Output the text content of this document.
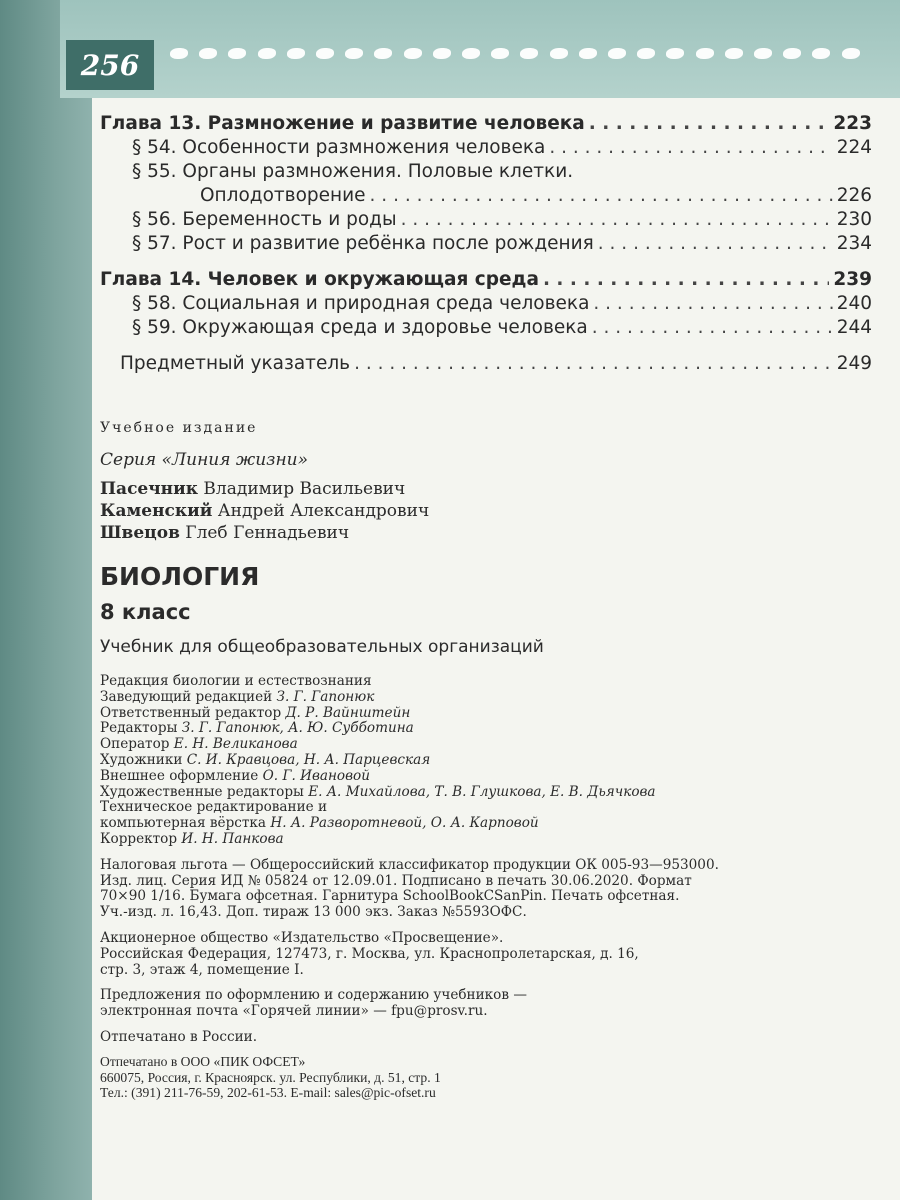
256
Глава 13. Размножение и развитие человека . . .	223
§ 54. Особенности размножения человека . . .	224
§ 55. Органы размножения. Половые клетки.
Оплодотворение . . .	226
§ 56. Беременность и роды . . .	230
§ 57. Рост и развитие ребёнка после рождения . . .	234
Глава 14. Человек и окружающая среда . . .	239
§ 58. Социальная и природная среда человека . . .	240
§ 59. Окружающая среда и здоровье человека . . .	244
Предметный указатель . . .	249

Учебное издание

Серия «Линия жизни»

Пасечник Владимир Васильевич
Каменский Андрей Александрович
Швецов Глеб Геннадьевич
БИОЛОГИЯ
8 класс
Учебник для общеобразовательных организаций

Редакция биологии и естествознания

Заведующий редакцией З. Г. Гапонюк

Ответственный редактор Д. Р. Вайнштейн

Редакторы З. Г. Гапонюк, А. Ю. Субботина

Оператор Е. Н. Великанова

Художники С. И. Кравцова, Н. А. Парцевская

Внешнее оформление О. Г. Ивановой

Художественные редакторы Е. А. Михайлова, Т. В. Глушкова, Е. В. Дьячкова

Техническое редактирование и

компьютерная вёрстка Н. А. Разворотневой, О. А. Карповой

Корректор И. Н. Панкова

Налоговая льгота — Общероссийский классификатор продукции ОК 005-93—953000.

Изд. лиц. Серия ИД № 05824 от 12.09.01. Подписано в печать 30.06.2020. Формат

70×90 1/16. Бумага офсетная. Гарнитура SchoolBookCSanPin. Печать офсетная.

Уч.-изд. л. 16,43. Доп. тираж 13 000 экз. Заказ №5593ОФС.

Акционерное общество «Издательство «Просвещение».

Российская Федерация, 127473, г. Москва, ул. Краснопролетарская, д. 16,

стр. 3, этаж 4, помещение I.

Предложения по оформлению и содержанию учебников —

электронная почта «Горячей линии» — fpu@prosv.ru.

Отпечатано в России.

Отпечатано в ООО «ПИК ОФСЕТ»

660075, Россия, г. Красноярск. ул. Республики, д. 51, стр. 1

Тел.: (391) 211-76-59, 202-61-53. E-mail: sales@pic-ofset.ru
